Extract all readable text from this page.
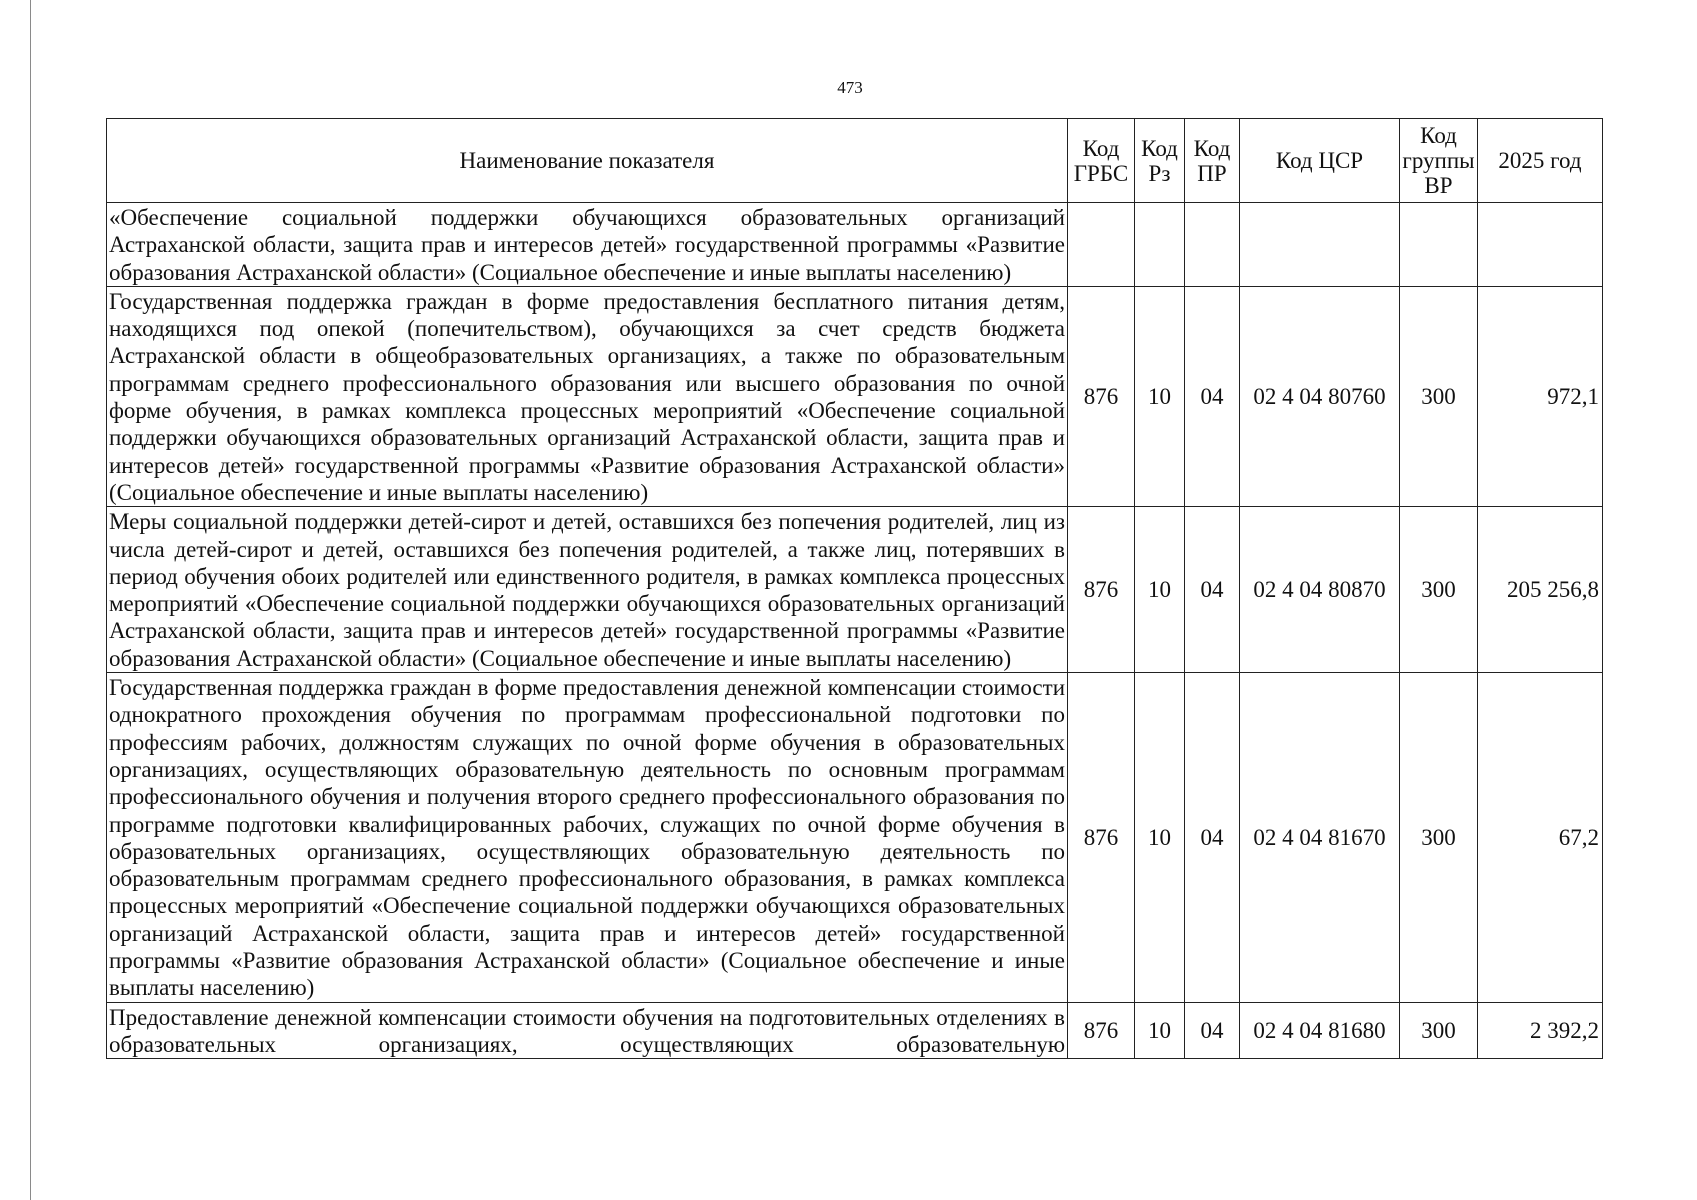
473
Наименование показателя	Код ГРБС	Код Рз	Код ПР	Код ЦСР	Код группы ВР	2025 год
«Обеспечение социальной поддержки обучающихся образовательных организаций Астраханской области, защита прав и интересов детей» государственной программы «Развитие образования Астраханской области» (Социальное обеспечение и иные выплаты населению)						
Государственная поддержка граждан в форме предоставления бесплатного питания детям, находящихся под опекой (попечительством), обучающихся за счет средств бюджета Астраханской области в общеобразовательных организациях, а также по образовательным программам среднего профессионального образования или высшего образования по очной форме обучения, в рамках комплекса процессных мероприятий «Обеспечение социальной поддержки обучающихся образовательных организаций Астраханской области, защита прав и интересов детей» государственной программы «Развитие образования Астраханской области» (Социальное обеспечение и иные выплаты населению)	876	10	04	02 4 04 80760	300	972,1
Меры социальной поддержки детей-сирот и детей, оставшихся без попечения родителей, лиц из числа детей-сирот и детей, оставшихся без попечения родителей, а также лиц, потерявших в период обучения обоих родителей или единственного родителя, в рамках комплекса процессных мероприятий «Обеспечение социальной поддержки обучающихся образовательных организаций Астраханской области, защита прав и интересов детей» государственной программы «Развитие образования Астраханской области» (Социальное обеспечение и иные выплаты населению)	876	10	04	02 4 04 80870	300	205 256,8
Государственная поддержка граждан в форме предоставления денежной компенсации стоимости однократного прохождения обучения по программам профессиональной подготовки по профессиям рабочих, должностям служащих по очной форме обучения в образовательных организациях, осуществляющих образовательную деятельность по основным программам профессионального обучения и получения второго среднего профессионального образования по программе подготовки квалифицированных рабочих, служащих по очной форме обучения в образовательных организациях, осуществляющих образовательную деятельность по образовательным программам среднего профессионального образования, в рамках комплекса процессных мероприятий «Обеспечение социальной поддержки обучающихся образовательных организаций Астраханской области, защита прав и интересов детей» государственной программы «Развитие образования Астраханской области» (Социальное обеспечение и иные выплаты населению)	876	10	04	02 4 04 81670	300	67,2
Предоставление денежной компенсации стоимости обучения на подготовительных отделениях в образовательных организациях, осуществляющих образовательную	876	10	04	02 4 04 81680	300	2 392,2
